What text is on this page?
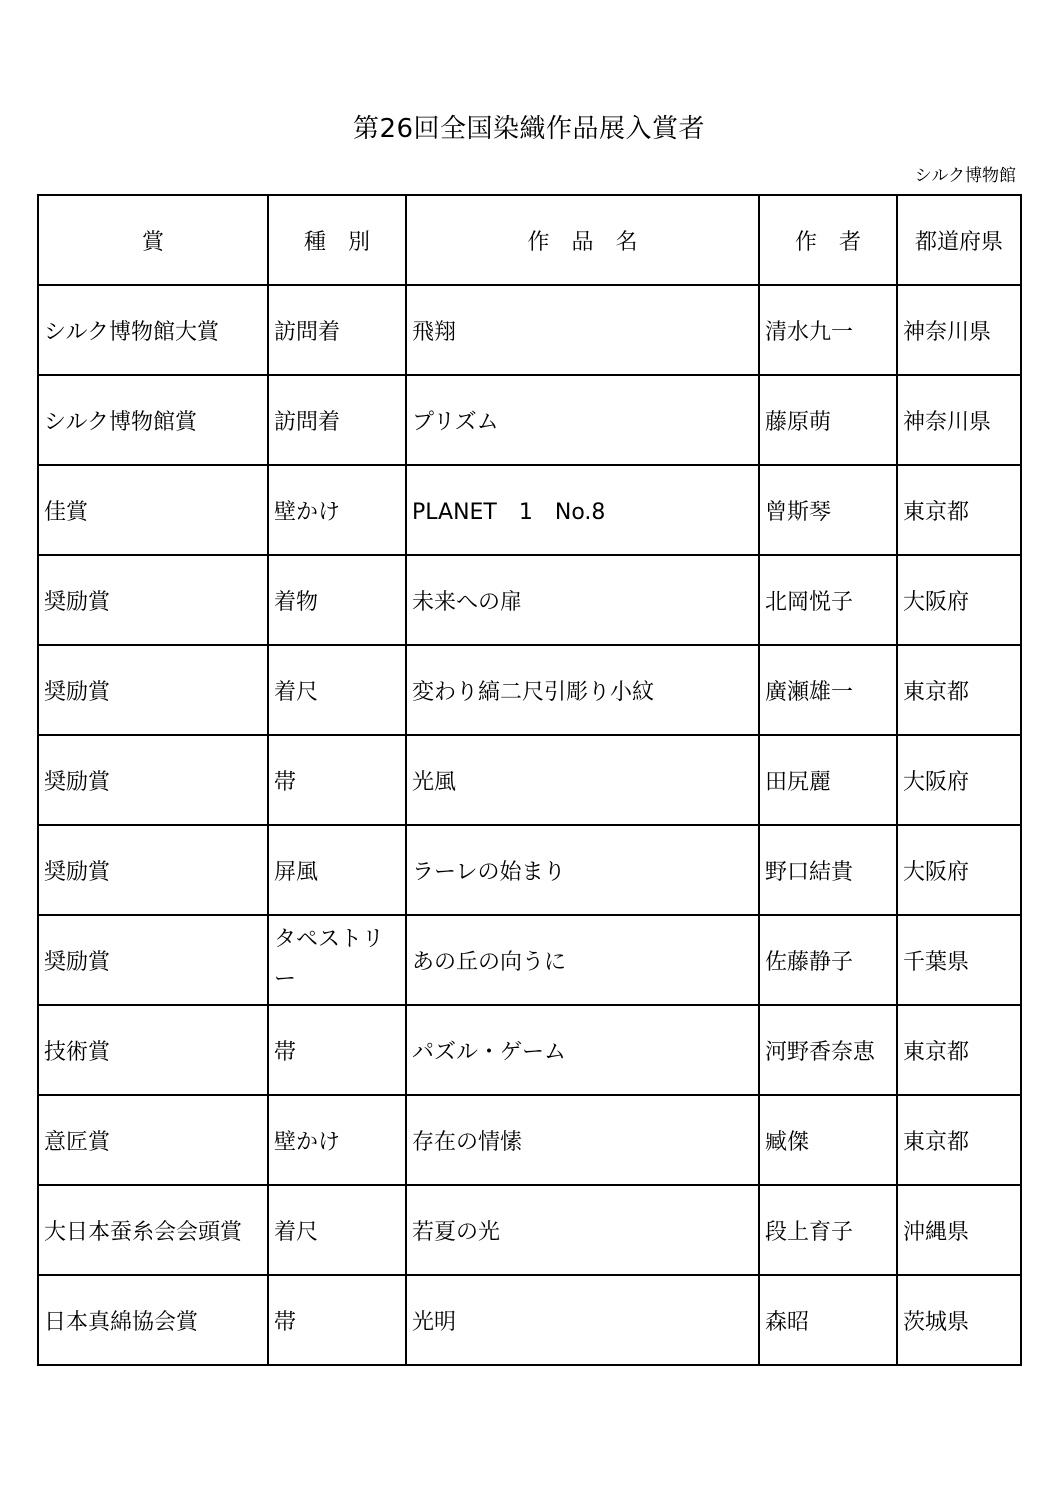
第26回全国染織作品展入賞者
シルク博物館
賞	種　別	作　品　名	作　者	都道府県
シルク博物館大賞	訪問着	飛翔	清水九一	神奈川県
シルク博物館賞	訪問着	プリズム	藤原萌	神奈川県
佳賞	壁かけ	PLANET　1　No.8	曾斯琴	東京都
奨励賞	着物	未来への扉	北岡悦子	大阪府
奨励賞	着尺	変わり縞二尺引彫り小紋	廣瀬雄一	東京都
奨励賞	帯	光風	田尻麗	大阪府
奨励賞	屏風	ラーレの始まり	野口結貴	大阪府
奨励賞	タペストリー	あの丘の向うに	佐藤静子	千葉県
技術賞	帯	パズル・ゲーム	河野香奈恵	東京都
意匠賞	壁かけ	存在の情愫	臧傑	東京都
大日本蚕糸会会頭賞	着尺	若夏の光	段上育子	沖縄県
日本真綿協会賞	帯	光明	森昭	茨城県
